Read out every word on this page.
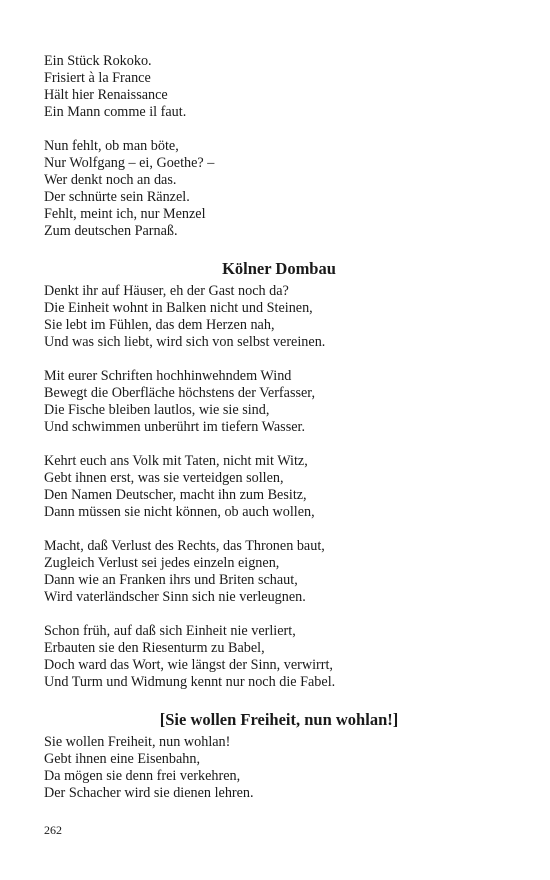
Ein Stück Rokoko.
Frisiert à la France
Hält hier Renaissance
Ein Mann comme il faut.
Nun fehlt, ob man böte,
Nur Wolfgang – ei, Goethe? –
Wer denkt noch an das.
Der schnürte sein Ränzel.
Fehlt, meint ich, nur Menzel
Zum deutschen Parnaß.
Kölner Dombau
Denkt ihr auf Häuser, eh der Gast noch da?
Die Einheit wohnt in Balken nicht und Steinen,
Sie lebt im Fühlen, das dem Herzen nah,
Und was sich liebt, wird sich von selbst vereinen.
Mit eurer Schriften hochhinwehndem Wind
Bewegt die Oberfläche höchstens der Verfasser,
Die Fische bleiben lautlos, wie sie sind,
Und schwimmen unberührt im tiefern Wasser.
Kehrt euch ans Volk mit Taten, nicht mit Witz,
Gebt ihnen erst, was sie verteidgen sollen,
Den Namen Deutscher, macht ihn zum Besitz,
Dann müssen sie nicht können, ob auch wollen,
Macht, daß Verlust des Rechts, das Thronen baut,
Zugleich Verlust sei jedes einzeln eignen,
Dann wie an Franken ihrs und Briten schaut,
Wird vaterländscher Sinn sich nie verleugnen.
Schon früh, auf daß sich Einheit nie verliert,
Erbauten sie den Riesenturm zu Babel,
Doch ward das Wort, wie längst der Sinn, verwirrt,
Und Turm und Widmung kennt nur noch die Fabel.
[Sie wollen Freiheit, nun wohlan!]
Sie wollen Freiheit, nun wohlan!
Gebt ihnen eine Eisenbahn,
Da mögen sie denn frei verkehren,
Der Schacher wird sie dienen lehren.
262
